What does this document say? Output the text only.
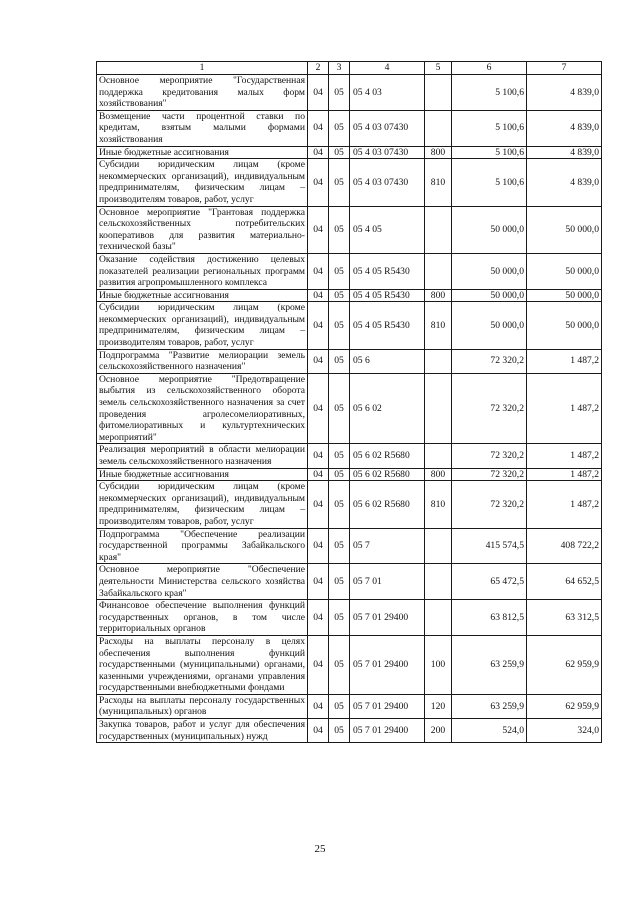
1	2	3	4	5	6	7
Основное мероприятие "Государственная поддержка кредитования малых форм хозяйствования"	04	05	05 4 03		5 100,6	4 839,0
Возмещение части процентной ставки по кредитам, взятым малыми формами хозяйствования	04	05	05 4 03 07430		5 100,6	4 839,0
Иные бюджетные ассигнования	04	05	05 4 03 07430	800	5 100,6	4 839,0
Субсидии юридическим лицам (кроме некоммерческих организаций), индивидуальным предпринимателям, физическим лицам – производителям товаров, работ, услуг	04	05	05 4 03 07430	810	5 100,6	4 839,0
Основное мероприятие "Грантовая поддержка сельскохозяйственных потребительских кооперативов для развития материально-технической базы"	04	05	05 4 05		50 000,0	50 000,0
Оказание содействия достижению целевых показателей реализации региональных программ развития агропромышленного комплекса	04	05	05 4 05 R5430		50 000,0	50 000,0
Иные бюджетные ассигнования	04	05	05 4 05 R5430	800	50 000,0	50 000,0
Субсидии юридическим лицам (кроме некоммерческих организаций), индивидуальным предпринимателям, физическим лицам – производителям товаров, работ, услуг	04	05	05 4 05 R5430	810	50 000,0	50 000,0
Подпрограмма "Развитие мелиорации земель сельскохозяйственного назначения"	04	05	05 6		72 320,2	1 487,2
Основное мероприятие "Предотвращение выбытия из сельскохозяйственного оборота земель сельскохозяйственного назначения за счет проведения агролесомелиоративных, фитомелиоративных и культуртехнических мероприятий"	04	05	05 6 02		72 320,2	1 487,2
Реализация мероприятий в области мелиорации земель сельскохозяйственного назначения	04	05	05 6 02 R5680		72 320,2	1 487,2
Иные бюджетные ассигнования	04	05	05 6 02 R5680	800	72 320,2	1 487,2
Субсидии юридическим лицам (кроме некоммерческих организаций), индивидуальным предпринимателям, физическим лицам – производителям товаров, работ, услуг	04	05	05 6 02 R5680	810	72 320,2	1 487,2
Подпрограмма "Обеспечение реализации государственной программы Забайкальского края"	04	05	05 7		415 574,5	408 722,2
Основное мероприятие "Обеспечение деятельности Министерства сельского хозяйства Забайкальского края"	04	05	05 7 01		65 472,5	64 652,5
Финансовое обеспечение выполнения функций государственных органов, в том числе территориальных органов	04	05	05 7 01 29400		63 812,5	63 312,5
Расходы на выплаты персоналу в целях обеспечения выполнения функций государственными (муниципальными) органами, казенными учреждениями, органами управления государственными внебюджетными фондами	04	05	05 7 01 29400	100	63 259,9	62 959,9
Расходы на выплаты персоналу государственных (муниципальных) органов	04	05	05 7 01 29400	120	63 259,9	62 959,9
Закупка товаров, работ и услуг для обеспечения государственных (муниципальных) нужд	04	05	05 7 01 29400	200	524,0	324,0
25
